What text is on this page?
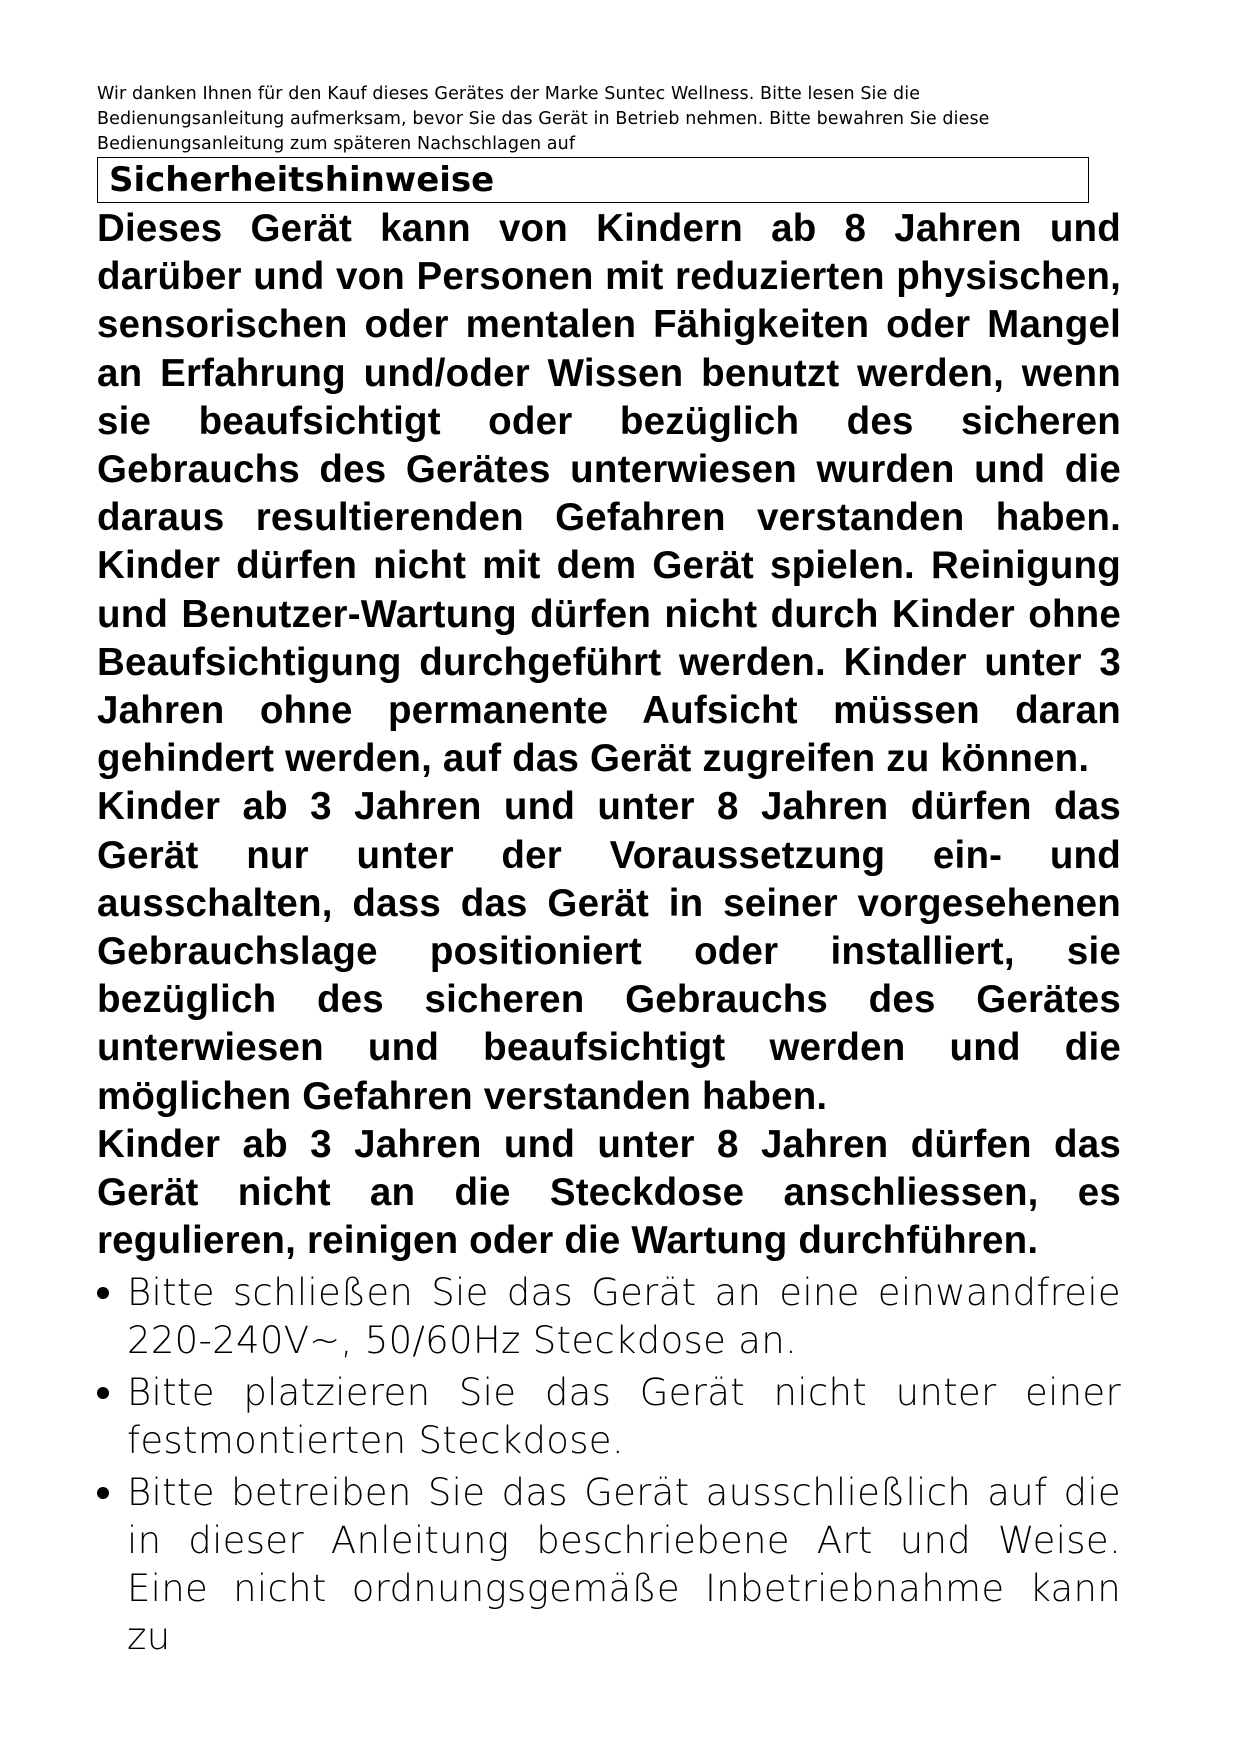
Wir danken Ihnen für den Kauf dieses Gerätes der Marke Suntec Wellness. Bitte lesen Sie die
Bedienungsanleitung aufmerksam, bevor Sie das Gerät in Betrieb nehmen. Bitte bewahren Sie diese
Bedienungsanleitung zum späteren Nachschlagen auf

Sicherheitshinweise

Dieses Gerät kann von Kindern ab 8 Jahren und darüber und von Personen mit reduzierten physischen, sensorischen oder mentalen Fähigkeiten oder Mangel an Erfahrung und/oder Wissen benutzt werden, wenn sie beaufsichtigt oder bezüglich des sicheren Gebrauchs des Gerätes unterwiesen wurden und die daraus resultierenden Gefahren verstanden haben. Kinder dürfen nicht mit dem Gerät spielen. Reinigung und Benutzer-Wartung dürfen nicht durch Kinder ohne Beaufsichtigung durchgeführt werden. Kinder unter 3 Jahren ohne permanente Aufsicht müssen daran gehindert werden, auf das Gerät zugreifen zu können.

Kinder ab 3 Jahren und unter 8 Jahren dürfen das Gerät nur unter der Voraussetzung ein- und ausschalten, dass das Gerät in seiner vorgesehenen Gebrauchslage positioniert oder installiert, sie bezüglich des sicheren Gebrauchs des Gerätes unterwiesen und beaufsichtigt werden und die möglichen Gefahren verstanden haben.

Kinder ab 3 Jahren und unter 8 Jahren dürfen das Gerät nicht an die Steckdose anschliessen, es regulieren, reinigen oder die Wartung durchführen.

Bitte schließen Sie das Gerät an eine einwandfreie 220-240V~, 50/60Hz Steckdose an.
Bitte platzieren Sie das Gerät nicht unter einer festmontierten Steckdose.
Bitte betreiben Sie das Gerät ausschließlich auf die in dieser Anleitung beschriebene Art und Weise. Eine nicht ordnungsgemäße Inbetriebnahme kann zu
